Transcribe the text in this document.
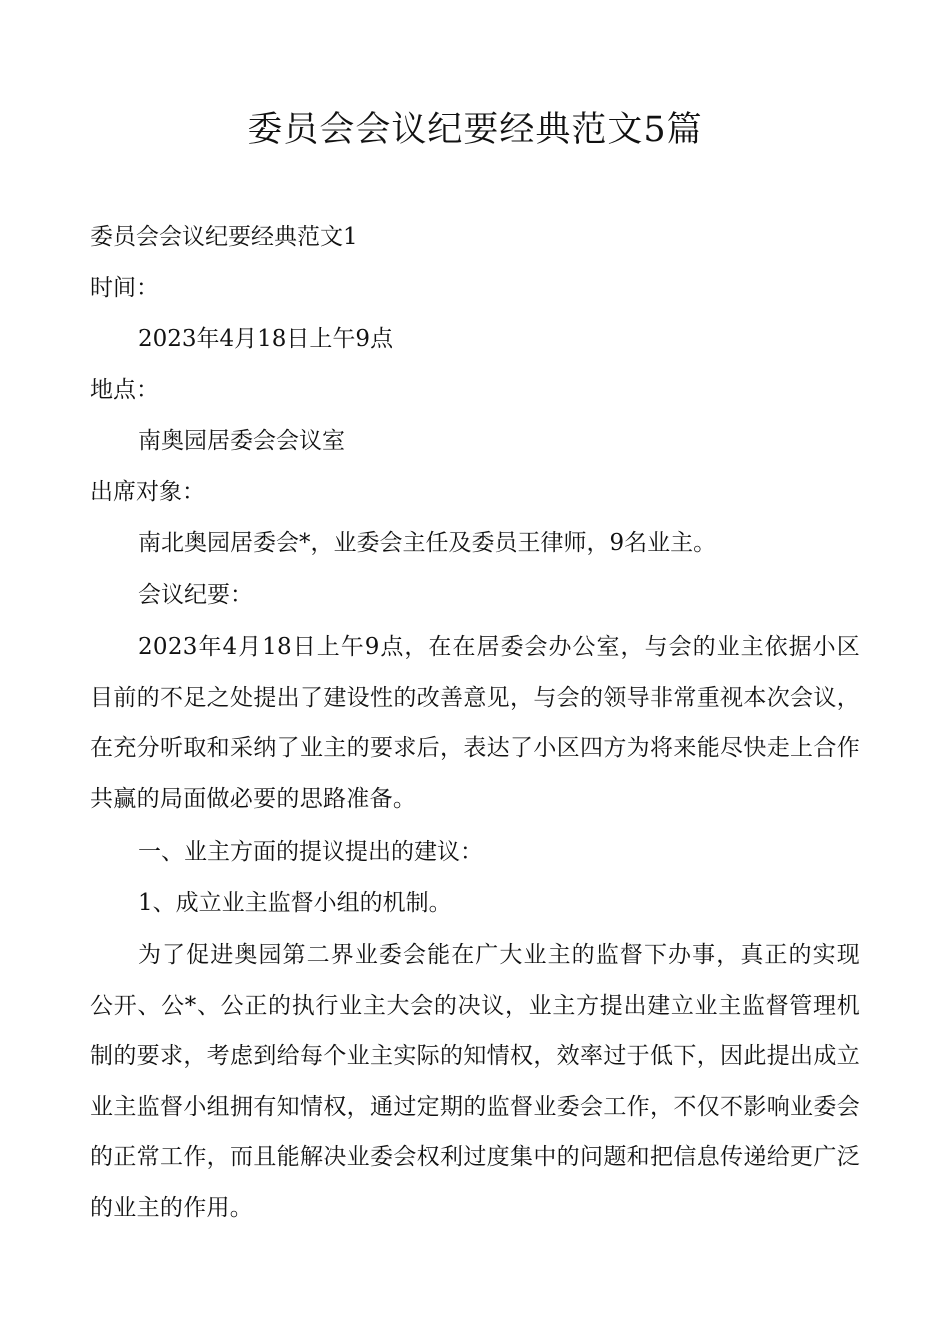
委员会会议纪要经典范文5篇
委员会会议纪要经典范文1
时间：
2023年4月18日上午9点
地点：
南奥园居委会会议室
出席对象：
南北奥园居委会*，业委会主任及委员王律师，9名业主。
会议纪要：
2023年4月18日上午9点，在在居委会办公室，与会的业主依据小区目前的不足之处提出了建设性的改善意见，与会的领导非常重视本次会议，在充分听取和采纳了业主的要求后，表达了小区四方为将来能尽快走上合作共赢的局面做必要的思路准备。
一、业主方面的提议提出的建议：
1、成立业主监督小组的机制。
为了促进奥园第二界业委会能在广大业主的监督下办事，真正的实现公开、公*、公正的执行业主大会的决议，业主方提出建立业主监督管理机制的要求，考虑到给每个业主实际的知情权，效率过于低下，因此提出成立业主监督小组拥有知情权，通过定期的监督业委会工作，不仅不影响业委会的正常工作，而且能解决业委会权利过度集中的问题和把信息传递给更广泛的业主的作用。
